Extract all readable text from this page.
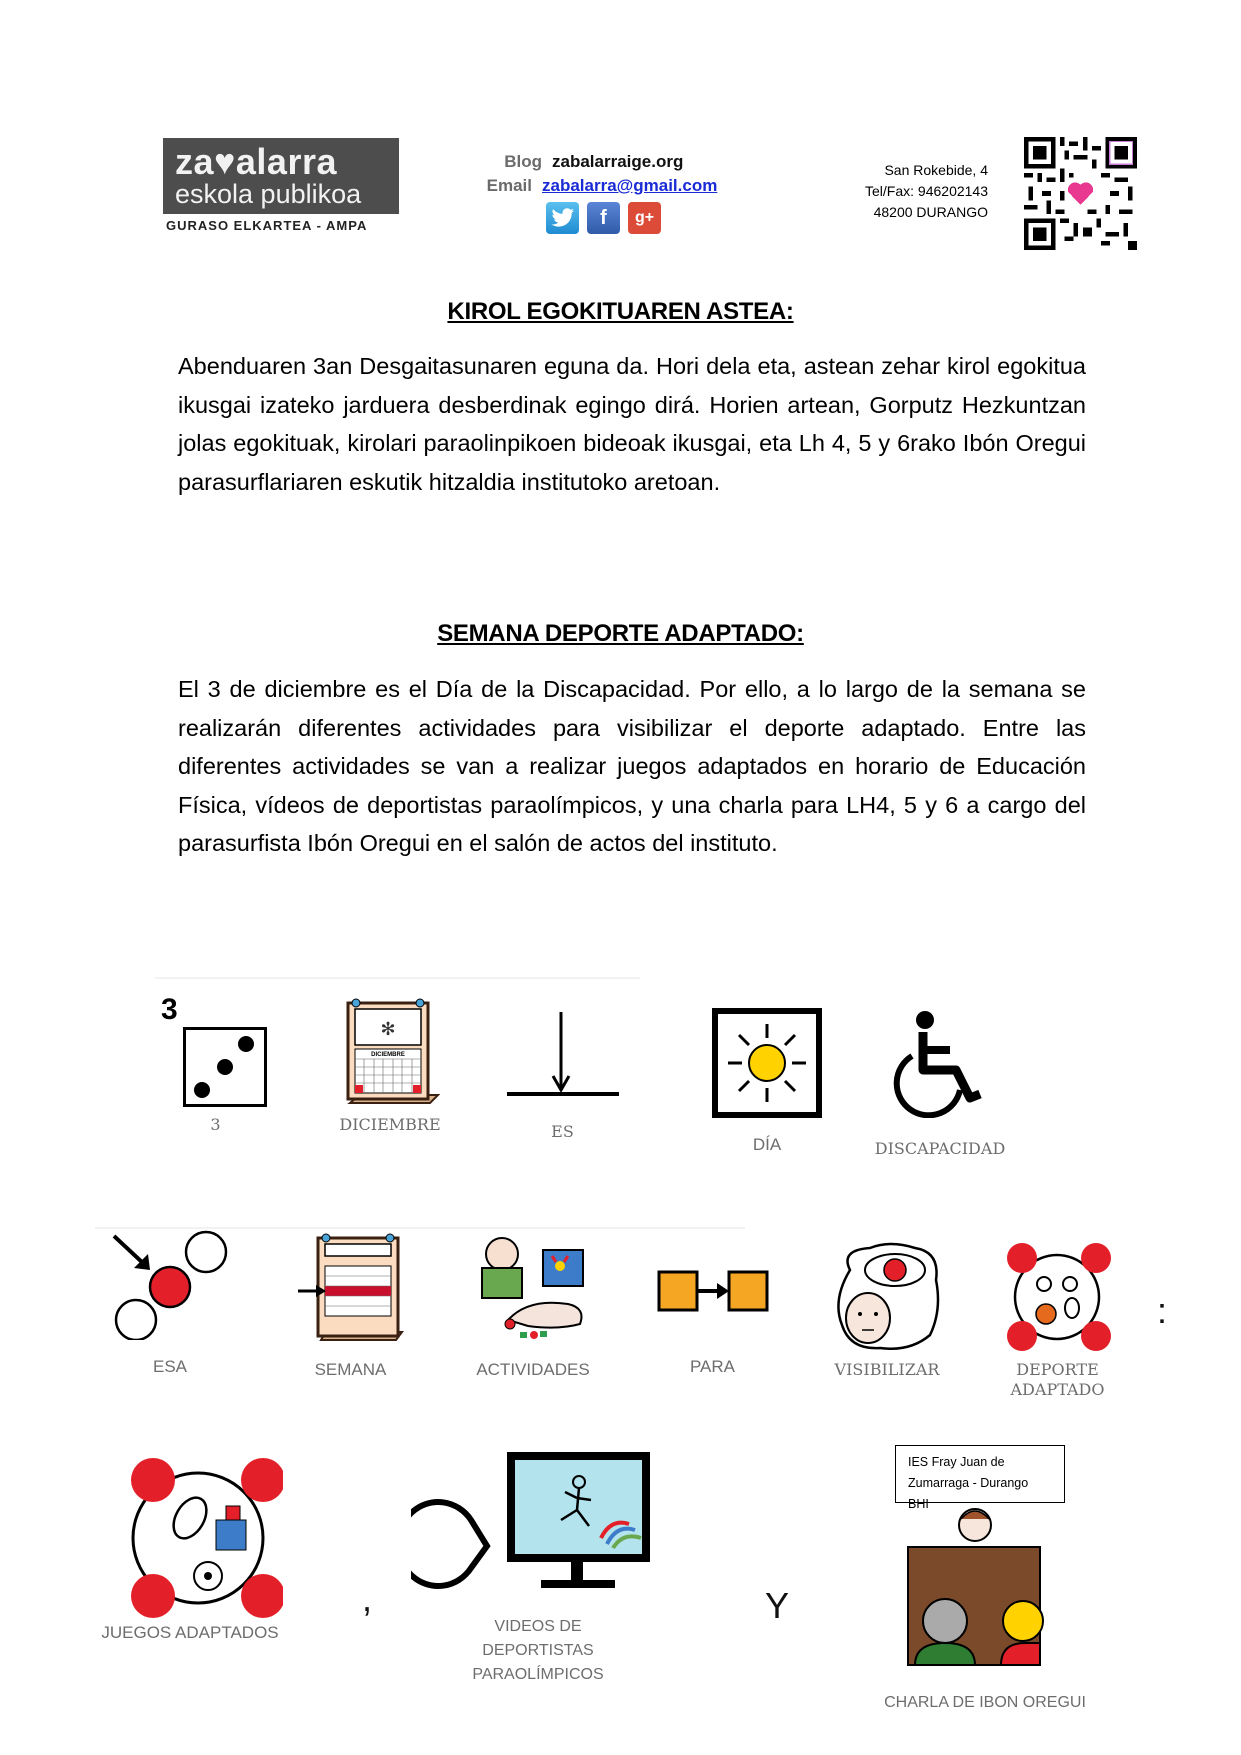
za♥alarra
eskola publikoa
GURASO ELKARTEA - AMPA
Blog zabalarraige.org
Email zabalarra@gmail.com
f	g+
San Rokebide, 4
Tel/Fax: 946202143
48200 DURANGO
KIROL EGOKITUAREN ASTEA:
Abenduaren 3an Desgaitasunaren eguna da. Hori dela eta, astean zehar kirol egokitua ikusgai izateko jarduera desberdinak egingo dirá. Horien artean, Gorputz Hezkuntzan jolas egokituak, kirolari paraolinpikoen bideoak ikusgai, eta Lh 4, 5 y 6rako Ibón Oregui parasurflariaren eskutik hitzaldia institutoko aretoan.
SEMANA DEPORTE ADAPTADO:
El 3 de diciembre es el Día de la Discapacidad. Por ello, a lo largo de la semana se realizarán diferentes actividades para visibilizar el deporte adaptado. Entre las diferentes actividades se van a realizar juegos adaptados en horario de Educación Física, vídeos de deportistas paraolímpicos, y una charla para LH4, 5 y 6 a cargo del parasurfista Ibón Oregui en el salón de actos del instituto.
3
3
✻
DICIEMBRE
DICIEMBRE	ES
DÍA	DISCAPACIDAD
ESA	SEMANA	ACTIVIDADES	PARA	VISIBILIZAR	DEPORTE ADAPTADO
:
JUEGOS ADAPTADOS
,
VIDEOS DE DEPORTISTAS PARAOLÍMPICOS
Y
IES Fray Juan de Zumarraga - Durango BHI
CHARLA DE IBON OREGUI
